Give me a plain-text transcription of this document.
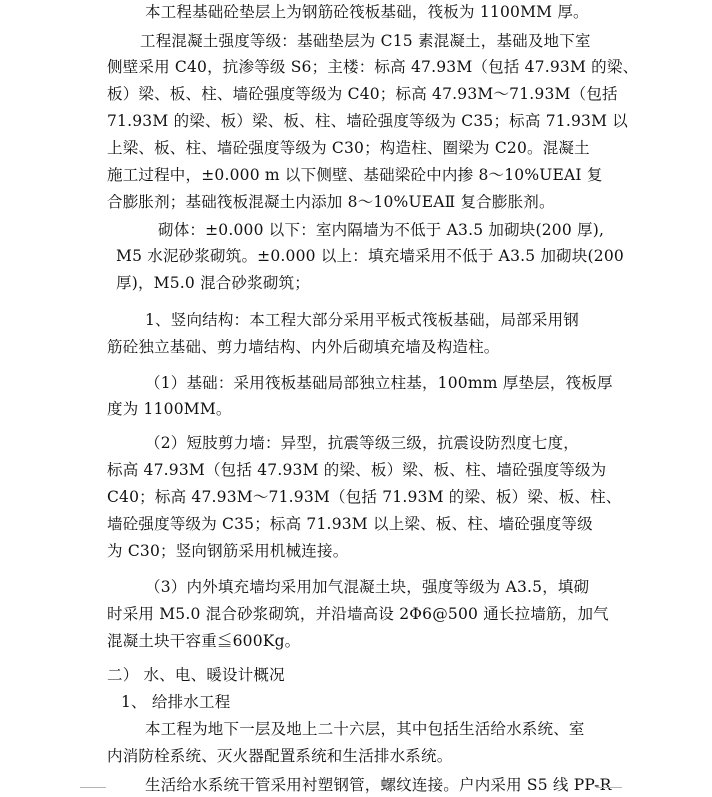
本工程基础砼垫层上为钢筋砼筏板基础，筏板为 1100MM 厚。
工程混凝土强度等级：基础垫层为 C15 素混凝土，基础及地下室
侧壁采用 C40，抗渗等级 S6；主楼：标高 47.93M（包括 47.93M 的梁、
板）梁、板、柱、墙砼强度等级为 C40；标高 47.93M～71.93M（包括
71.93M 的梁、板）梁、板、柱、墙砼强度等级为 C35；标高 71.93M 以
上梁、板、柱、墙砼强度等级为 C30；构造柱、圈梁为 C20。混凝土
施工过程中，±0.000 m 以下侧壁、基础梁砼中内掺 8～10%UEAI 复
合膨胀剂；基础筏板混凝土内添加 8～10%UEAⅡ 复合膨胀剂。
砌体：±0.000 以下：室内隔墙为不低于 A3.5 加砌块(200 厚),
M5 水泥砂浆砌筑。±0.000 以上：填充墙采用不低于 A3.5 加砌块(200
厚)，M5.0 混合砂浆砌筑；
1、竖向结构：本工程大部分采用平板式筏板基础，局部采用钢
筋砼独立基础、剪力墙结构、内外后砌填充墙及构造柱。
（1）基础：采用筏板基础局部独立柱基，100mm 厚垫层，筏板厚
度为 1100MM。
（2）短肢剪力墙：异型，抗震等级三级，抗震设防烈度七度，
标高 47.93M（包括 47.93M 的梁、板）梁、板、柱、墙砼强度等级为
C40；标高 47.93M～71.93M（包括 71.93M 的梁、板）梁、板、柱、
墙砼强度等级为 C35；标高 71.93M 以上梁、板、柱、墙砼强度等级
为 C30；竖向钢筋采用机械连接。
（3）内外填充墙均采用加气混凝土块，强度等级为 A3.5，填砌
时采用 M5.0 混合砂浆砌筑，并沿墙高设 2Φ6@500 通长拉墙筋，加气
混凝土块干容重≦600Kg。
二） 水、电、暖设计概况
1、 给排水工程
本工程为地下一层及地上二十六层，其中包括生活给水系统、室
内消防栓系统、灭火器配置系统和生活排水系统。
生活给水系统干管采用衬塑钢管，螺纹连接。户内采用 S5 线 PP-R
